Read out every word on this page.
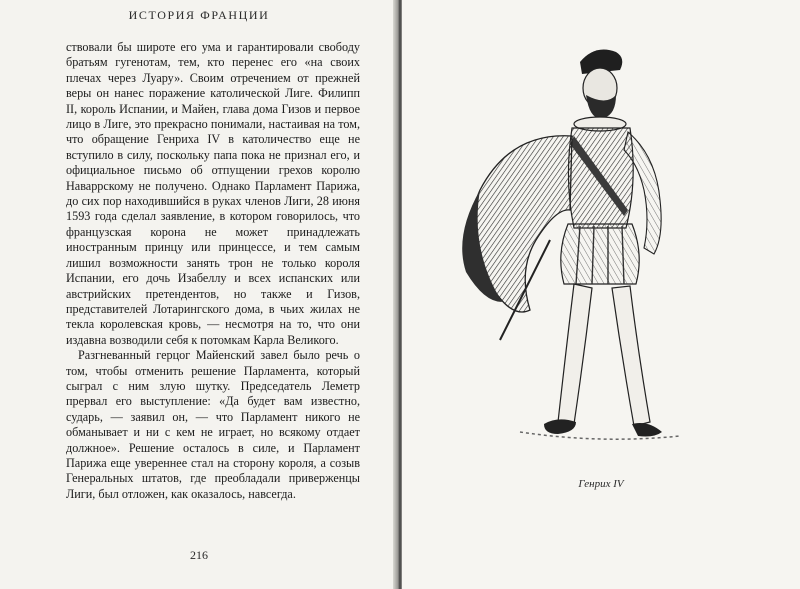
ИСТОРИЯ ФРАНЦИИ

ствовали бы широте его ума и гарантировали свободу братьям гугенотам, тем, кто перенес его «на своих плечах через Луару». Своим отречением от прежней веры он нанес поражение католической Лиге. Филипп II, король Испании, и Майен, глава дома Гизов и первое лицо в Лиге, это прекрасно понимали, настаивая на том, что обращение Генриха IV в католичество еще не вступило в силу, поскольку папа пока не признал его, и официальное письмо об отпущении грехов королю Наваррскому не получено. Однако Парламент Парижа, до сих пор находившийся в руках членов Лиги, 28 июня 1593 года сделал заявление, в котором говорилось, что французская корона не может принадлежать иностранным принцу или принцессе, и тем самым лишил возможности занять трон не только короля Испании, его дочь Изабеллу и всех испанских или австрийских претендентов, но также и Гизов, представителей Лотарингского дома, в чьих жилах не текла королевская кровь, — несмотря на то, что они издавна возводили себя к потомкам Карла Великого.

Разгневанный герцог Майенский завел было речь о том, чтобы отменить решение Парламента, который сыграл с ним злую шутку. Председатель Леметр прервал его выступление: «Да будет вам известно, сударь, — заявил он, — что Парламент никого не обманывает и ни с кем не играет, но всякому отдает должное». Решение осталось в силе, и Парламент Парижа еще увереннее стал на сторону короля, а созыв Генеральных штатов, где преобладали приверженцы Лиги, был отложен, как оказалось, навсегда.

216
Генрих IV
